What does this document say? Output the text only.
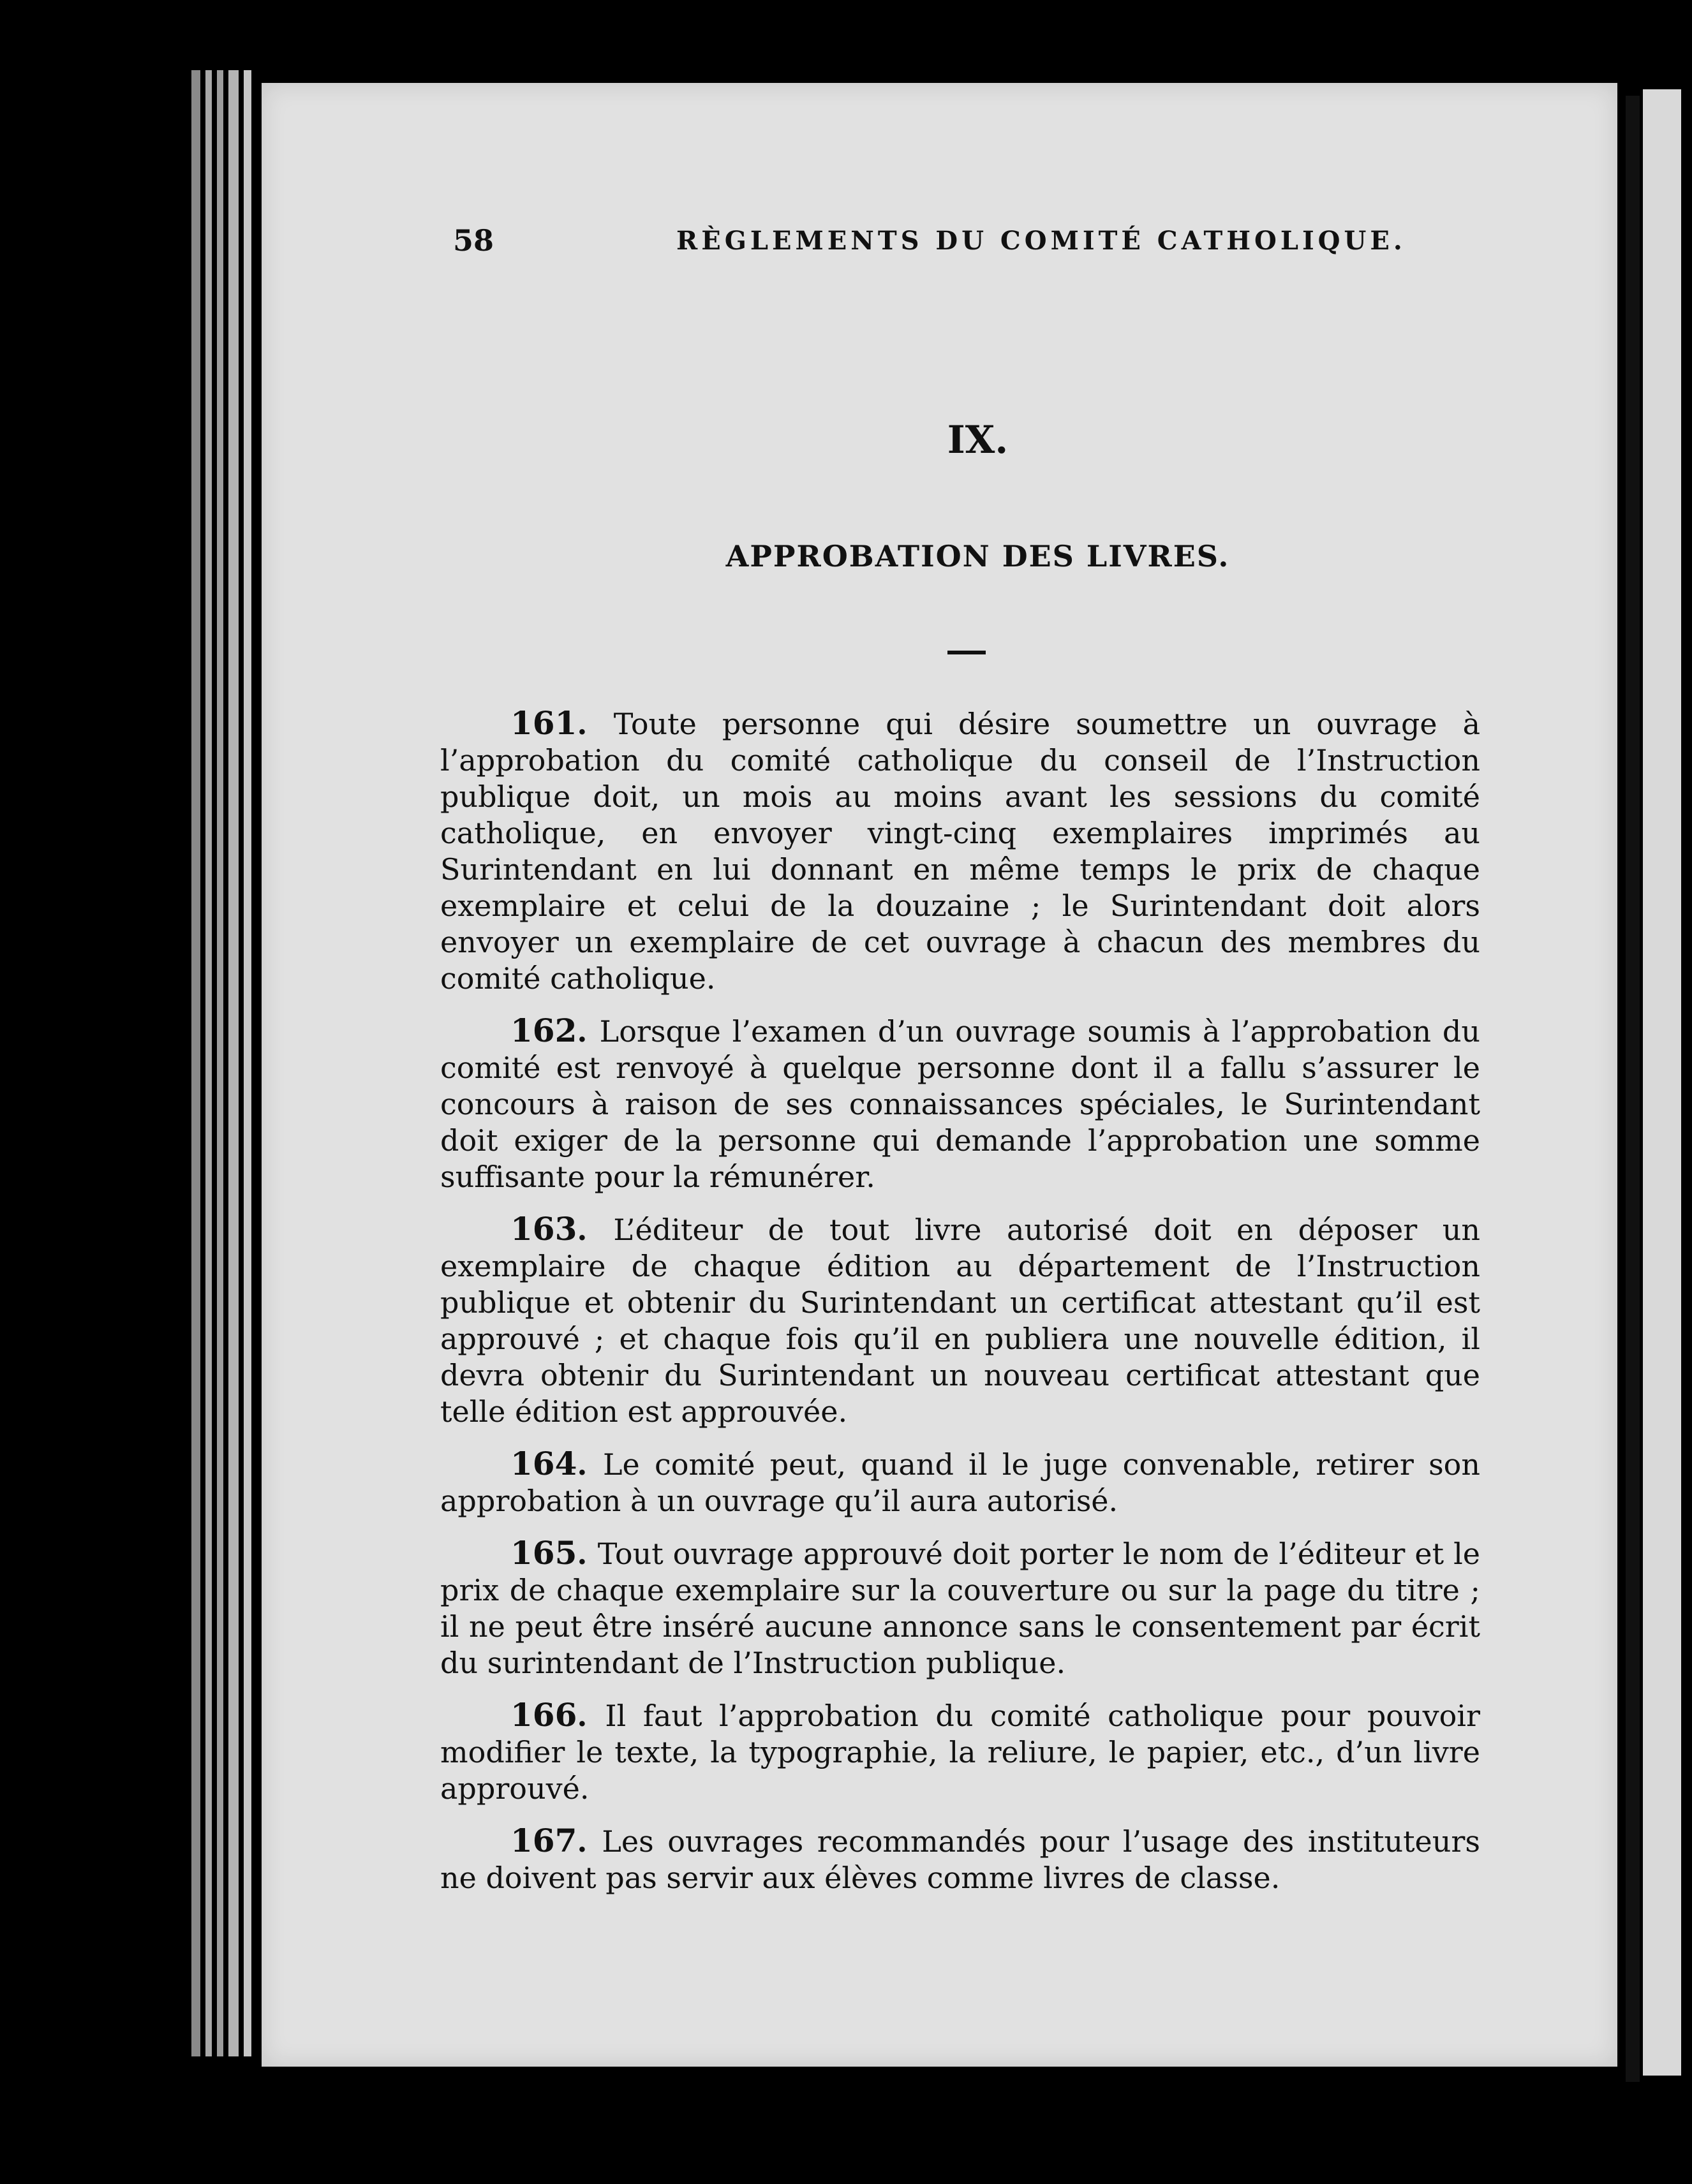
58	RÈGLEMENTS DU COMITÉ CATHOLIQUE.
IX.
APPROBATION DES LIVRES.

161. Toute personne qui désire soumettre un ouvrage à l’approbation du comité catholique du conseil de l’Instruction publique doit, un mois au moins avant les sessions du comité catholique, en envoyer vingt-cinq exemplaires imprimés au Surintendant en lui donnant en même temps le prix de chaque exemplaire et celui de la douzaine ; le Surintendant doit alors envoyer un exemplaire de cet ouvrage à chacun des membres du comité catholique.

162. Lorsque l’examen d’un ouvrage soumis à l’approbation du comité est renvoyé à quelque personne dont il a fallu s’assurer le concours à raison de ses connaissances spéciales, le Surintendant doit exiger de la personne qui demande l’approbation une somme suffisante pour la rémunérer.

163. L’éditeur de tout livre autorisé doit en déposer un exemplaire de chaque édition au département de l’Instruction publique et obtenir du Surintendant un certificat attestant qu’il est approuvé ; et chaque fois qu’il en publiera une nouvelle édition, il devra obtenir du Surintendant un nouveau certificat attestant que telle édition est approuvée.

164. Le comité peut, quand il le juge convenable, retirer son approbation à un ouvrage qu’il aura autorisé.

165. Tout ouvrage approuvé doit porter le nom de l’éditeur et le prix de chaque exemplaire sur la couverture ou sur la page du titre ; il ne peut être inséré aucune annonce sans le consentement par écrit du surintendant de l’Instruction publique.

166. Il faut l’approbation du comité catholique pour pouvoir modifier le texte, la typographie, la reliure, le papier, etc., d’un livre approuvé.

167. Les ouvrages recommandés pour l’usage des instituteurs ne doivent pas servir aux élèves comme livres de classe.
